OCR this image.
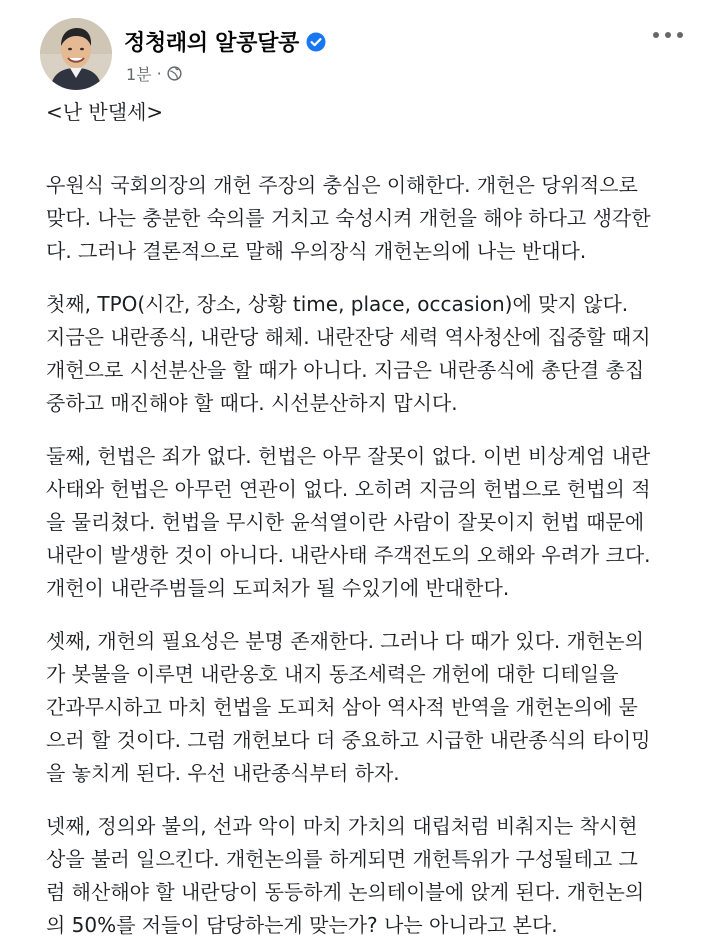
정청래의 알콩달콩
1분 ·

<난 반댈세>

우원식 국회의장의 개헌 주장의 충심은 이해한다. 개헌은 당위적으로
맞다. 나는 충분한 숙의를 거치고 숙성시켜 개헌을 해야 하다고 생각한
다. 그러나 결론적으로 말해 우의장식 개헌논의에 나는 반대다.

첫째, TPO(시간, 장소, 상황 time, place, occasion)에 맞지 않다.
지금은 내란종식, 내란당 해체. 내란잔당 세력 역사청산에 집중할 때지
개헌으로 시선분산을 할 때가 아니다. 지금은 내란종식에 총단결 총집
중하고 매진해야 할 때다. 시선분산하지 맙시다.

둘째, 헌법은 죄가 없다. 헌법은 아무 잘못이 없다. 이번 비상계엄 내란
사태와 헌법은 아무런 연관이 없다. 오히려 지금의 헌법으로 헌법의 적
을 물리쳤다. 헌법을 무시한 윤석열이란 사람이 잘못이지 헌법 때문에
내란이 발생한 것이 아니다. 내란사태 주객전도의 오해와 우려가 크다.
개헌이 내란주범들의 도피처가 될 수있기에 반대한다.

셋째, 개헌의 필요성은 분명 존재한다. 그러나 다 때가 있다. 개헌논의
가 봇불을 이루면 내란옹호 내지 동조세력은 개헌에 대한 디테일을
간과무시하고 마치 헌법을 도피처 삼아 역사적 반역을 개헌논의에 묻
으러 할 것이다. 그럼 개헌보다 더 중요하고 시급한 내란종식의 타이밍
을 놓치게 된다. 우선 내란종식부터 하자.

넷째, 정의와 불의, 선과 악이 마치 가치의 대립처럼 비춰지는 착시현
상을 불러 일으킨다. 개헌논의를 하게되면 개헌특위가 구성될테고 그
럼 해산해야 할 내란당이 동등하게 논의테이블에 앉게 된다. 개헌논의
의 50%를 저들이 담당하는게 맞는가? 나는 아니라고 본다.
